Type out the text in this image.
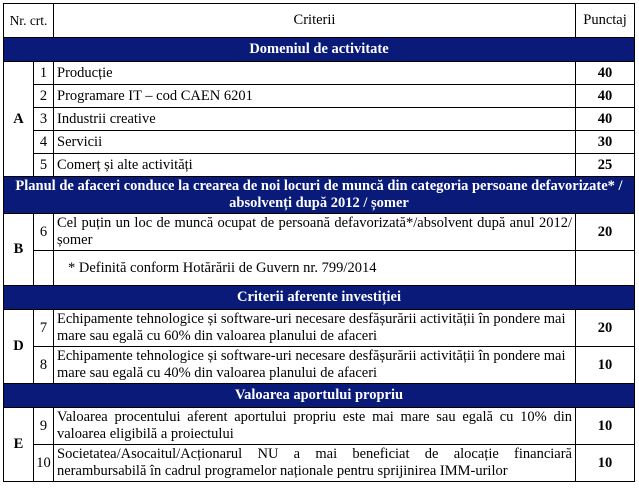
Nr. crt.		Criterii	Punctaj
Domeniul de activitate			
A	1	Producție	40
	2	Programare IT – cod CAEN 6201	40
	3	Industrii creative	40
	4	Servicii	30
	5	Comerț și alte activități	25
Planul de afaceri conduce la crearea de noi locuri de muncă din categoria persoane defavorizate* / absolvenți după 2012 / șomer			
B	6	Cel puțin un loc de muncă ocupat de persoană defavorizată*/absolvent după anul 2012/șomer	20
		* Definită conform Hotărării de Guvern nr. 799/2014	
Criterii aferente investiției			
D	7	Echipamente tehnologice și software-uri necesare desfășurării activității în pondere mai mare sau egală cu 60% din valoarea planului de afaceri	20
	8	Echipamente tehnologice și software-uri necesare desfășurării activității în pondere mai mare sau egală cu 40% din valoarea planului de afaceri	10
Valoarea aportului propriu			
E	9	Valoarea procentului aferent aportului propriu este mai mare sau egală cu 10% din valoarea eligibilă a proiectului	10
	10	Societatea/Asocaitul/Acționarul NU a mai beneficiat de alocație financiară nerambursabilă în cadrul programelor naționale pentru sprijinirea IMM-urilor	10
